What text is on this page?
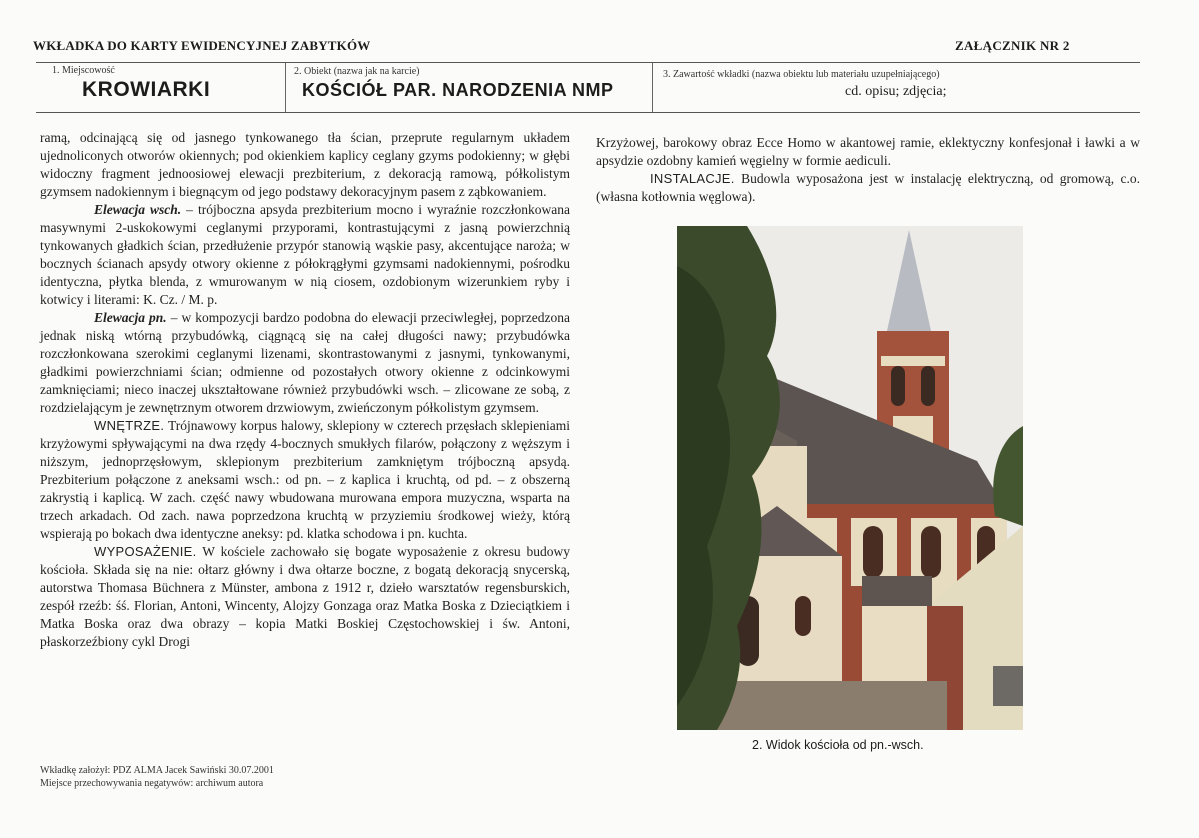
WKŁADKA DO KARTY EWIDENCYJNEJ ZABYTKÓW	ZAŁĄCZNIK NR 2
1. Miejscowość
KROWIARKI
2. Obiekt (nazwa jak na karcie)
KOŚCIÓŁ PAR. NARODZENIA NMP
3. Zawartość wkładki (nazwa obiektu lub materiału uzupełniającego)
cd. opisu; zdjęcia;

ramą, odcinającą się od jasnego tynkowanego tła ścian, przeprute regularnym układem ujednoliconych otworów okiennych; pod okienkiem kaplicy ceglany gzyms podokienny; w głębi widoczny fragment jednoosiowej elewacji prezbiterium, z dekoracją ramową, półkolistym gzymsem nadokiennym i biegnącym od jego podstawy dekoracyjnym pasem z ząbkowaniem.

Elewacja wsch. – trójboczna apsyda prezbiterium mocno i wyraźnie rozczłonkowana masywnymi 2-uskokowymi ceglanymi przyporami, kontrastującymi z jasną powierzchnią tynkowanych gładkich ścian, przedłużenie przypór stanowią wąskie pasy, akcentujące naroża; w bocznych ścianach apsydy otwory okienne z półokrągłymi gzymsami nadokiennymi, pośrodku identyczna, płytka blenda, z wmurowanym w nią ciosem, ozdobionym wizerunkiem ryby i kotwicy i literami: K. Cz. / M. p.

Elewacja pn. – w kompozycji bardzo podobna do elewacji przeciwległej, poprzedzona jednak niską wtórną przybudówką, ciągnącą się na całej długości nawy; przybudówka rozczłonkowana szerokimi ceglanymi lizenami, skontrastowanymi z jasnymi, tynkowanymi, gładkimi powierzchniami ścian; odmienne od pozostałych otwory okienne z odcinkowymi zamknięciami; nieco inaczej ukształtowane również przybudówki wsch. – zlicowane ze sobą, z rozdzielającym je zewnętrznym otworem drzwiowym, zwieńczonym półkolistym gzymsem.

WNĘTRZE. Trójnawowy korpus halowy, sklepiony w czterech przęsłach sklepieniami krzyżowymi spływającymi na dwa rzędy 4-bocznych smukłych filarów, połączony z węższym i niższym, jednoprzęsłowym, sklepionym prezbiterium zamkniętym trójboczną apsydą. Prezbiterium połączone z aneksami wsch.: od pn. – z kaplica i kruchtą, od pd. – z obszerną zakrystią i kaplicą. W zach. część nawy wbudowana murowana empora muzyczna, wsparta na trzech arkadach. Od zach. nawa poprzedzona kruchtą w przyziemiu środkowej wieży, którą wspierają po bokach dwa identyczne aneksy: pd. klatka schodowa i pn. kuchta.

WYPOSAŻENIE. W kościele zachowało się bogate wyposażenie z okresu budowy kościoła. Składa się na nie: ołtarz główny i dwa ołtarze boczne, z bogatą dekoracją snycerską, autorstwa Thomasa Büchnera z Münster, ambona z 1912 r, dzieło warsztatów regensburskich, zespół rzeźb: śś. Florian, Antoni, Wincenty, Alojzy Gonzaga oraz Matka Boska z Dzieciątkiem i Matka Boska oraz dwa obrazy – kopia Matki Boskiej Częstochowskiej i św. Antoni, płaskorzeźbiony cykl Drogi

Krzyżowej, barokowy obraz Ecce Homo w akantowej ramie, eklektyczny konfesjonał i ławki a w apsydzie ozdobny kamień węgielny w formie aediculi.

INSTALACJE. Budowla wyposażona jest w instalację elektryczną, od gromową, c.o. (własna kotłownia węglowa).

2. Widok kościoła od pn.-wsch.
Wkładkę założył: PDZ ALMA Jacek Sawiński 30.07.2001
Miejsce przechowywania negatywów: archiwum autora
